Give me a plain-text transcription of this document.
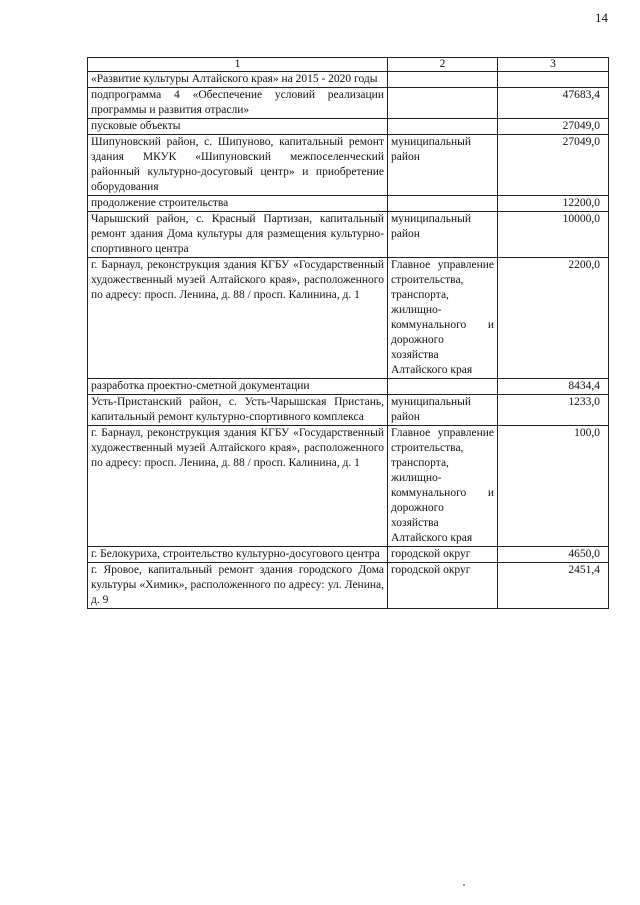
14
1	2	3
«Развитие культуры Алтайского края» на 2015 - 2020 годы		
подпрограмма 4 «Обеспечение условий реализации программы и развития отрасли»		47683,4
пусковые объекты		27049,0
Шипуновский район, с. Шипуново, капитальный ремонт здания МКУК «Шипуновский межпоселенческий районный культурно-досуговый центр» и приобретение оборудования	муниципальный район	27049,0
продолжение строительства		12200,0
Чарышский район, с. Красный Партизан, капитальный ремонт здания Дома культуры для размещения культурно-спортивного центра	муниципальный район	10000,0
г. Барнаул, реконструкция здания КГБУ «Государственный художественный музей Алтайского края», расположенного по адресу: просп. Ленина, д. 88 / просп. Калинина, д. 1	Главное управление строительства, транспорта, жилищно-коммунального и дорожного хозяйства Алтайского края	2200,0
разработка проектно-сметной документации		8434,4
Усть-Пристанский район, с. Усть-Чарышская Пристань, капитальный ремонт культурно-спортивного комплекса	муниципальный район	1233,0
г. Барнаул, реконструкция здания КГБУ «Государственный художественный музей Алтайского края», расположенного по адресу: просп. Ленина, д. 88 / просп. Калинина, д. 1	Главное управление строительства, транспорта, жилищно-коммунального и дорожного хозяйства Алтайского края	100,0
г. Белокуриха, строительство культурно-досугового центра	городской округ	4650,0
г. Яровое, капитальный ремонт здания городского Дома культуры «Химик», расположенного по адресу: ул. Ленина, д. 9	городской округ	2451,4
